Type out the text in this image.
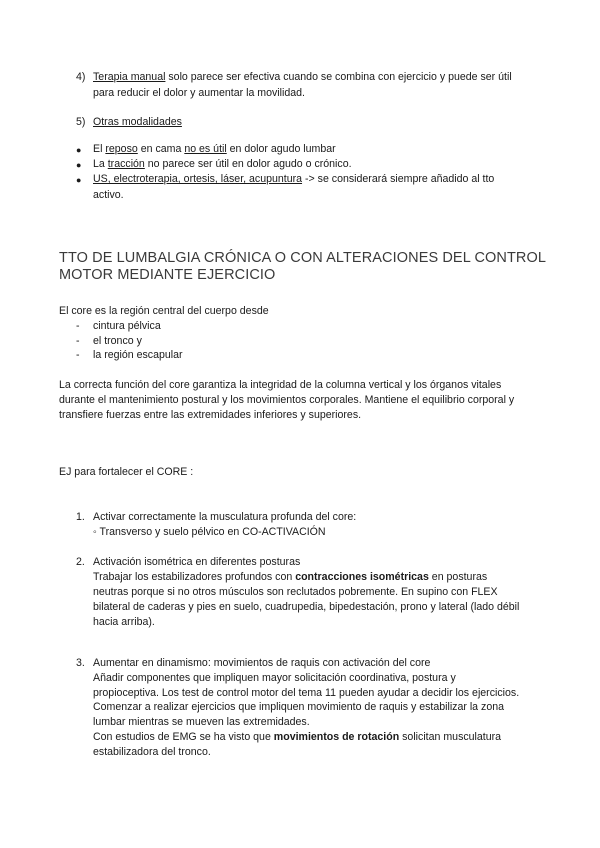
4) Terapia manual solo parece ser efectiva cuando se combina con ejercicio y puede ser útil
para reducir el dolor y aumentar la movilidad.
5) Otras modalidades
● El reposo en cama no es útil en dolor agudo lumbar
● La tracción no parece ser útil en dolor agudo o crónico.
● US, electroterapia, ortesis, láser, acupuntura -> se considerará siempre añadido al tto
activo.
TTO DE LUMBALGIA CRÓNICA O CON ALTERACIONES DEL CONTROL
MOTOR MEDIANTE EJERCICIO
El core es la región central del cuerpo desde
- cintura pélvica
- el tronco y
- la región escapular
La correcta función del core garantiza la integridad de la columna vertical y los órganos vitales
durante el mantenimiento postural y los movimientos corporales. Mantiene el equilibrio corporal y
transfiere fuerzas entre las extremidades inferiores y superiores.
EJ para fortalecer el CORE :
1. Activar correctamente la musculatura profunda del core:
◦ Transverso y suelo pélvico en CO-ACTIVACIÓN
2. Activación isométrica en diferentes posturas
Trabajar los estabilizadores profundos con contracciones isométricas en posturas
neutras porque si no otros músculos son reclutados pobremente. En supino con FLEX
bilateral de caderas y pies en suelo, cuadrupedia, bipedestación, prono y lateral (lado débil
hacia arriba).
3. Aumentar en dinamismo: movimientos de raquis con activación del core
Añadir componentes que impliquen mayor solicitación coordinativa, postura y
propioceptiva. Los test de control motor del tema 11 pueden ayudar a decidir los ejercicios.
Comenzar a realizar ejercicios que impliquen movimiento de raquis y estabilizar la zona
lumbar mientras se mueven las extremidades.
Con estudios de EMG se ha visto que movimientos de rotación solicitan musculatura
estabilizadora del tronco.
